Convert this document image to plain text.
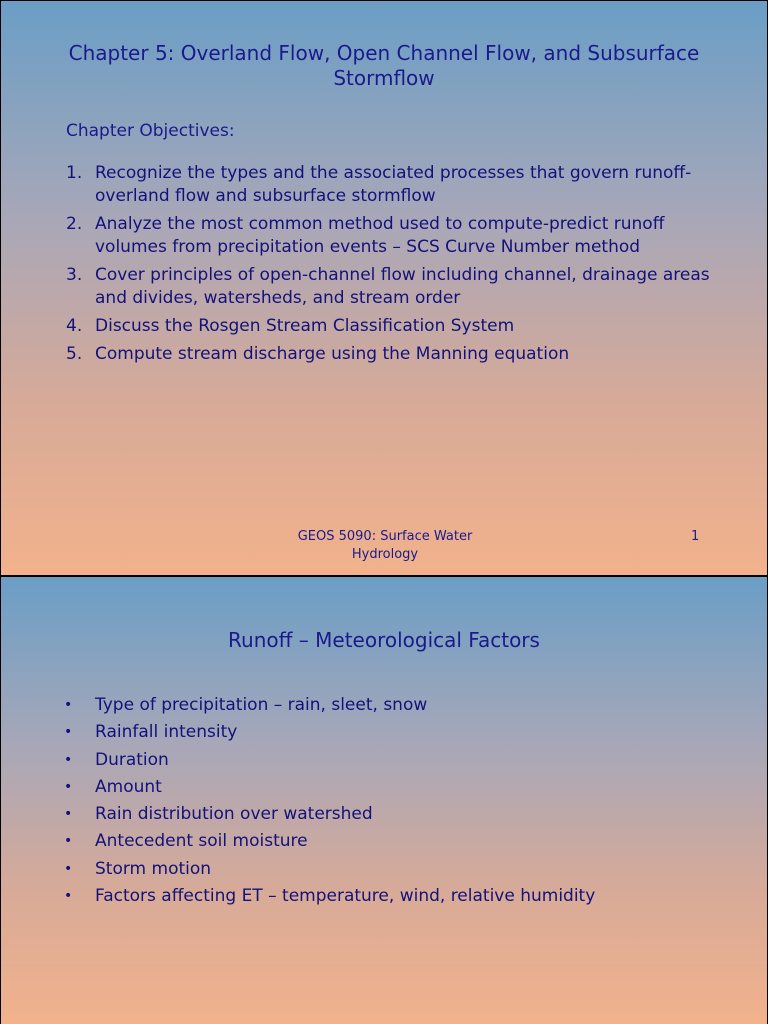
Chapter 5: Overland Flow, Open Channel Flow, and Subsurface Stormflow
Chapter Objectives:
1. Recognize the types and the associated processes that govern runoff- overland flow and subsurface stormflow
2. Analyze the most common method used to compute-predict runoff volumes from precipitation events – SCS Curve Number method
3. Cover principles of open-channel flow including channel, drainage areas and divides, watersheds, and stream order
4. Discuss the Rosgen Stream Classification System
5. Compute stream discharge using the Manning equation
GEOS 5090: Surface Water Hydrology
1
Runoff – Meteorological Factors
•	Type of precipitation – rain, sleet, snow
•	Rainfall intensity
•	Duration
•	Amount
•	Rain distribution over watershed
•	Antecedent soil moisture
•	Storm motion
•	Factors affecting ET – temperature, wind, relative humidity
